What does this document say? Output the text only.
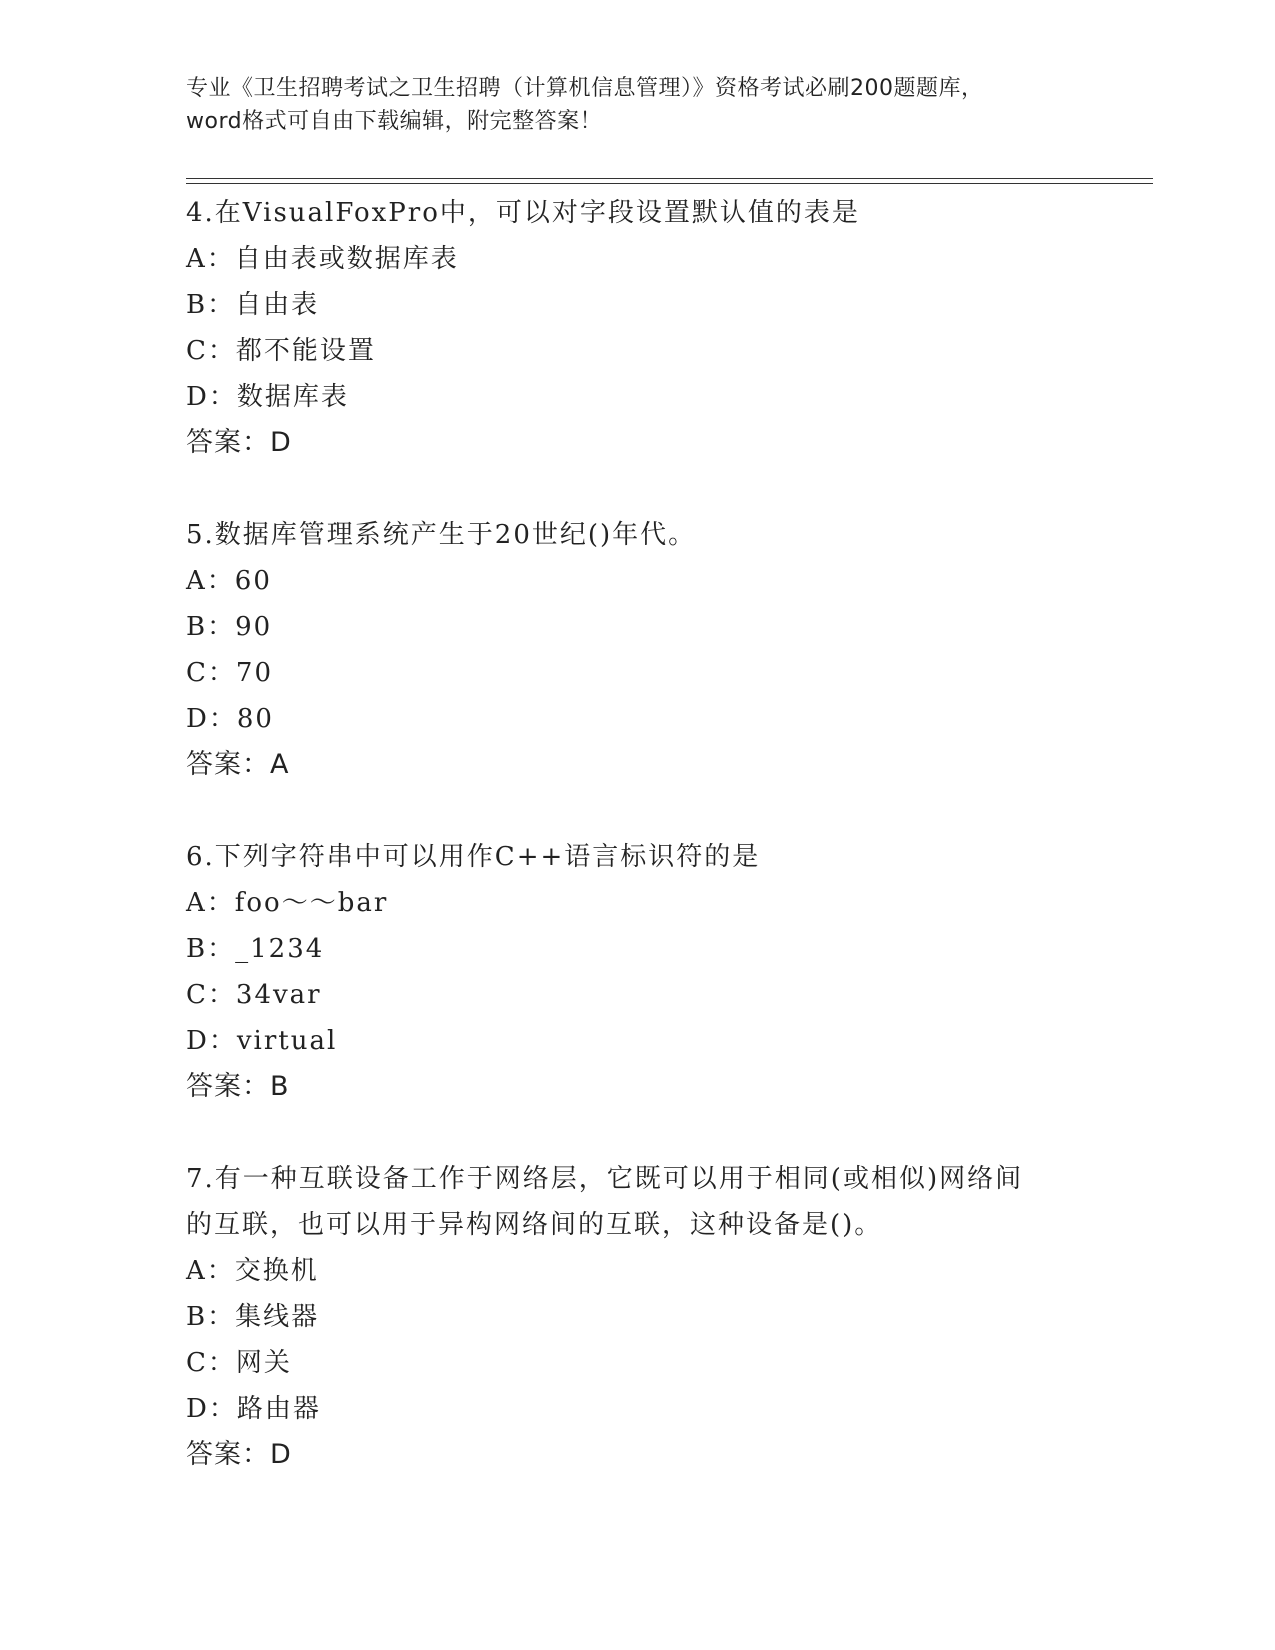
专业《卫生招聘考试之卫生招聘（计算机信息管理）》资格考试必刷200题题库，
word格式可自由下载编辑，附完整答案！
4.在VisualFoxPro中，可以对字段设置默认值的表是
A：自由表或数据库表
B：自由表
C：都不能设置
D：数据库表
答案：D
5.数据库管理系统产生于20世纪()年代。
A：60
B：90
C：70
D：80
答案：A
6.下列字符串中可以用作C++语言标识符的是
A：foo～～bar
B：_1234
C：34var
D：virtual
答案：B
7.有一种互联设备工作于网络层，它既可以用于相同(或相似)网络间
的互联，也可以用于异构网络间的互联，这种设备是()。
A：交换机
B：集线器
C：网关
D：路由器
答案：D
